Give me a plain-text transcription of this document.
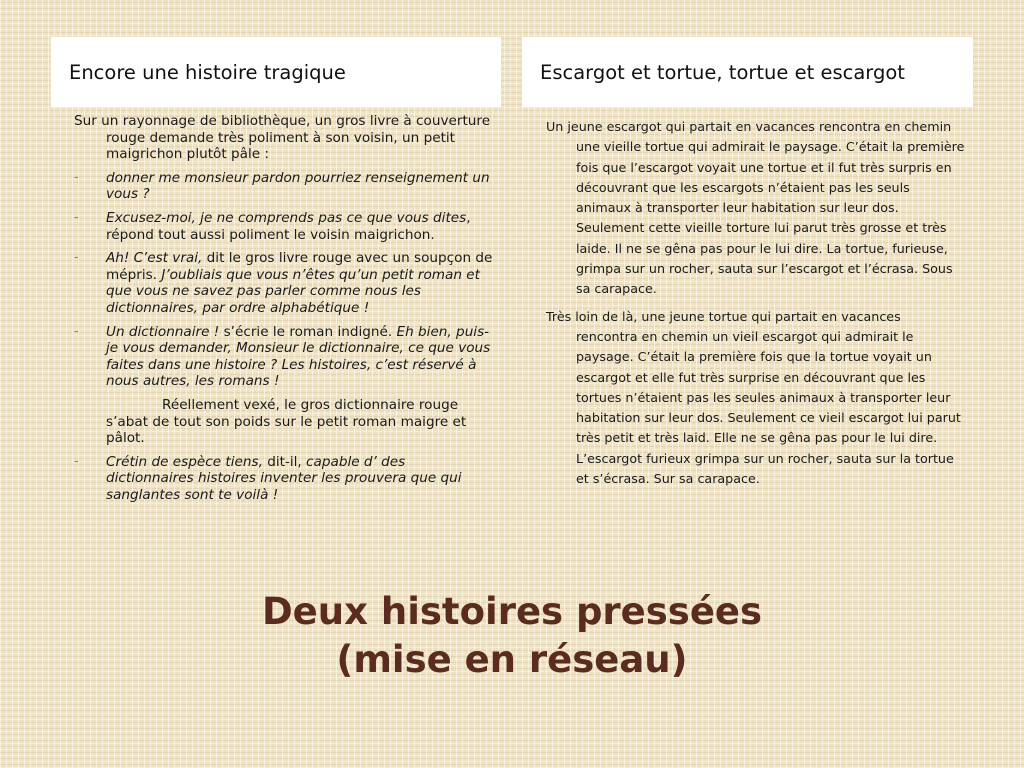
Encore une histoire tragique	Escargot et tortue, tortue et escargot
Sur un rayonnage de bibliothèque, un gros livre à couverture rouge demande très poliment à son voisin, un petit maigrichon plutôt pâle :
- donner me monsieur pardon pourriez renseignement un vous ?
- Excusez-moi, je ne comprends pas ce que vous dites, répond tout aussi poliment le voisin maigrichon.
- Ah! C’est vrai, dit le gros livre rouge avec un soupçon de mépris. J’oubliais que vous n’êtes qu’un petit roman et que vous ne savez pas parler comme nous les dictionnaires, par ordre alphabétique !
- Un dictionnaire ! s’écrie le roman indigné. Eh bien, puis-je vous demander, Monsieur le dictionnaire, ce que vous faites dans une histoire ? Les histoires, c’est réservé à nous autres, les romans !
Réellement vexé, le gros dictionnaire rouge s’abat de tout son poids sur le petit roman maigre et pâlot.
- Crétin de espèce tiens, dit-il, capable d’ des dictionnaires histoires inventer les prouvera que qui sanglantes sont te voilà !
Un jeune escargot qui partait en vacances rencontra en chemin une vieille tortue qui admirait le paysage. C’était la première fois que l’escargot voyait une tortue et il fut très surpris en découvrant que les escargots n’étaient pas les seuls animaux à transporter leur habitation sur leur dos. Seulement cette vieille torture lui parut très grosse et très laide. Il ne se gêna pas pour le lui dire. La tortue, furieuse, grimpa sur un rocher, sauta sur l’escargot et l’écrasa. Sous sa carapace.
Très loin de là, une jeune tortue qui partait en vacances rencontra en chemin un vieil escargot qui admirait le paysage. C’était la première fois que la tortue voyait un escargot et elle fut très surprise en découvrant que les tortues n’étaient pas les seules animaux à transporter leur habitation sur leur dos. Seulement ce vieil escargot lui parut très petit et très laid. Elle ne se gêna pas pour le lui dire. L’escargot furieux grimpa sur un rocher, sauta sur la tortue et s’écrasa. Sur sa carapace.
Deux histoires pressées
(mise en réseau)
